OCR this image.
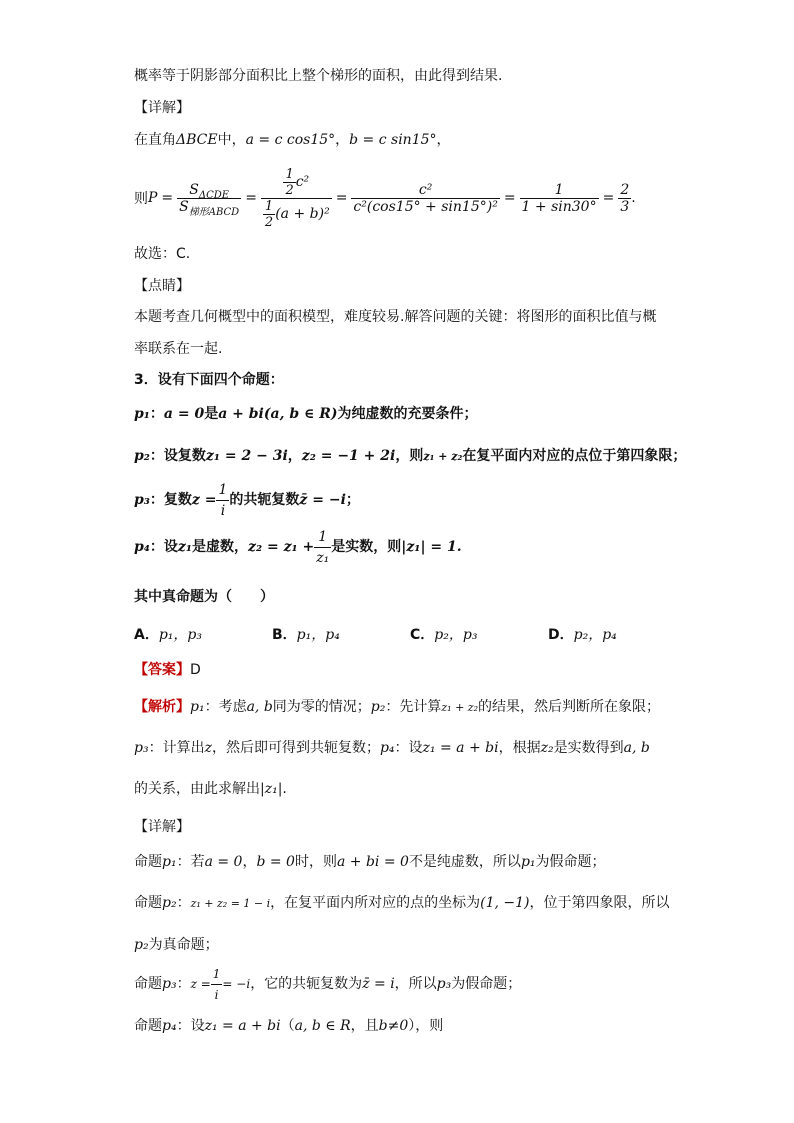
概率等于阴影部分面积比上整个梯形的面积，由此得到结果.
【详解】
在直角ΔBCE中，a = c cos15°，b = c sin15°，
则 $P = \frac{S_{\Delta CDE}}{S_{梯形ABCD}} = \frac{\frac{1}{2} c^2}{\frac{1}{2} (a + b)^2} = \frac{\text{c²}}{\text{c²(cos15° + sin15°)²}} = \frac{1}{1 + \sin 30^\circ} = \frac{2}{3}$ .
故选：C.
【点睛】
本题考查几何概型中的面积模型，难度较易.解答问题的关键：将图形的面积比值与概
率联系在一起.
3．设有下面四个命题：
p₁：a = 0是a + bi(a, b ∈ R)为纯虚数的充要条件；
p₂：设复数z₁ = 2 − 3i，z₂ = −1 + 2i，则z₁ + z₂在复平面内对应的点位于第四象限；
p₃ ： 复数 $z = \frac{1}{i}$ 的共轭复数 z̄ = −i ；
p₄ ： 设 z₁ 是虚数， $z_2 = z_1 + \frac{1}{\text{z₁}}$ 是实数，则 |z₁| = 1.
其中真命题为（　　）
A．p₁，p₃	B．p₁，p₄	C．p₂，p₃	D．p₂，p₄
【答案】D
【解析】p₁：考虑a, b同为零的情况；p₂：先计算z₁ + z₂的结果，然后判断所在象限；
p₃：计算出z，然后即可得到共轭复数；p₄：设z₁ = a + bi，根据z₂是实数得到a, b
的关系，由此求解出|z₁|.
【详解】
命题p₁：若a = 0，b = 0时，则a + bi = 0不是纯虚数，所以p₁为假命题；
命题p₂：z₁ + z₂ = 1 − i，在复平面内所对应的点的坐标为(1, −1)，位于第四象限，所以
p₂为真命题；
命题 p₃ ： $z = \frac{1}{i} = -i$ ，它的共轭复数为 z̄ = i ，所以 p₃ 为假命题；
命题p₄：设z₁ = a + bi（a, b ∈ R，且b≠0），则
